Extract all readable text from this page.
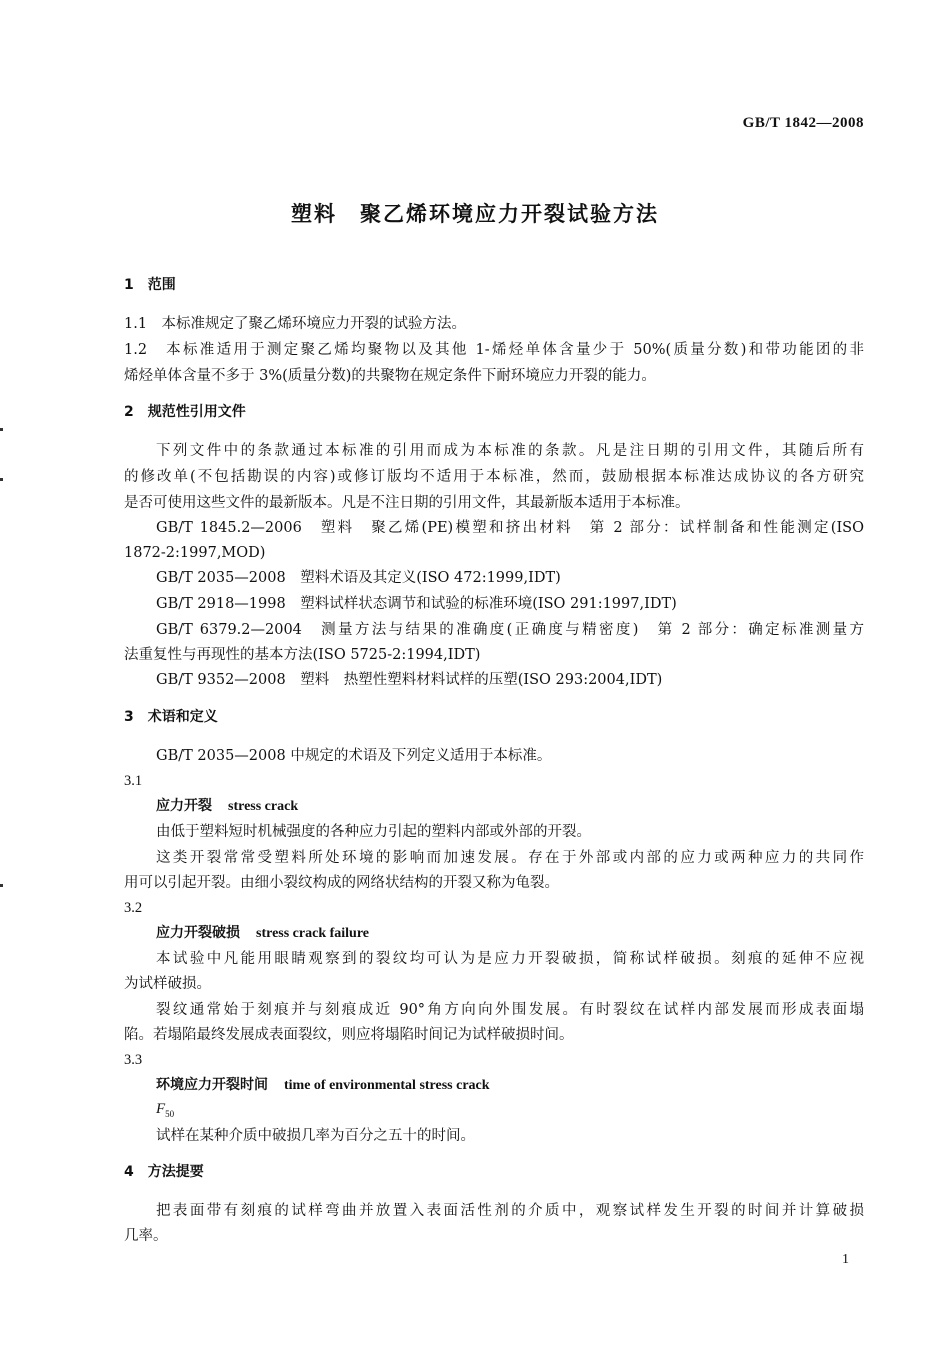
GB/T 1842—2008
塑料　聚乙烯环境应力开裂试验方法
1　范围
1.1　本标准规定了聚乙烯环境应力开裂的试验方法。
1.2　本标准适用于测定聚乙烯均聚物以及其他 1-烯烃单体含量少于 50%(质量分数)和带功能团的非
烯烃单体含量不多于 3%(质量分数)的共聚物在规定条件下耐环境应力开裂的能力。
2　规范性引用文件
下列文件中的条款通过本标准的引用而成为本标准的条款。凡是注日期的引用文件，其随后所有
的修改单(不包括勘误的内容)或修订版均不适用于本标准，然而，鼓励根据本标准达成协议的各方研究
是否可使用这些文件的最新版本。凡是不注日期的引用文件，其最新版本适用于本标准。
GB/T 1845.2—2006　塑料　聚乙烯(PE)模塑和挤出材料　第 2 部分：试样制备和性能测定(ISO
1872-2:1997,MOD)
GB/T 2035—2008　塑料术语及其定义(ISO 472:1999,IDT)
GB/T 2918—1998　塑料试样状态调节和试验的标准环境(ISO 291:1997,IDT)
GB/T 6379.2—2004　测量方法与结果的准确度(正确度与精密度)　第 2 部分：确定标准测量方
法重复性与再现性的基本方法(ISO 5725-2:1994,IDT)
GB/T 9352—2008　塑料　热塑性塑料材料试样的压塑(ISO 293:2004,IDT)
3　术语和定义
GB/T 2035—2008 中规定的术语及下列定义适用于本标准。
3.1
应力开裂 stress crack
由低于塑料短时机械强度的各种应力引起的塑料内部或外部的开裂。
这类开裂常常受塑料所处环境的影响而加速发展。存在于外部或内部的应力或两种应力的共同作
用可以引起开裂。由细小裂纹构成的网络状结构的开裂又称为龟裂。
3.2
应力开裂破损 stress crack failure
本试验中凡能用眼睛观察到的裂纹均可认为是应力开裂破损，简称试样破损。刻痕的延伸不应视
为试样破损。
裂纹通常始于刻痕并与刻痕成近 90°角方向向外围发展。有时裂纹在试样内部发展而形成表面塌
陷。若塌陷最终发展成表面裂纹，则应将塌陷时间记为试样破损时间。
3.3
环境应力开裂时间 time of environmental stress crack
$F_{50}$
试样在某种介质中破损几率为百分之五十的时间。
4　方法提要
把表面带有刻痕的试样弯曲并放置入表面活性剂的介质中，观察试样发生开裂的时间并计算破损
几率。
1
